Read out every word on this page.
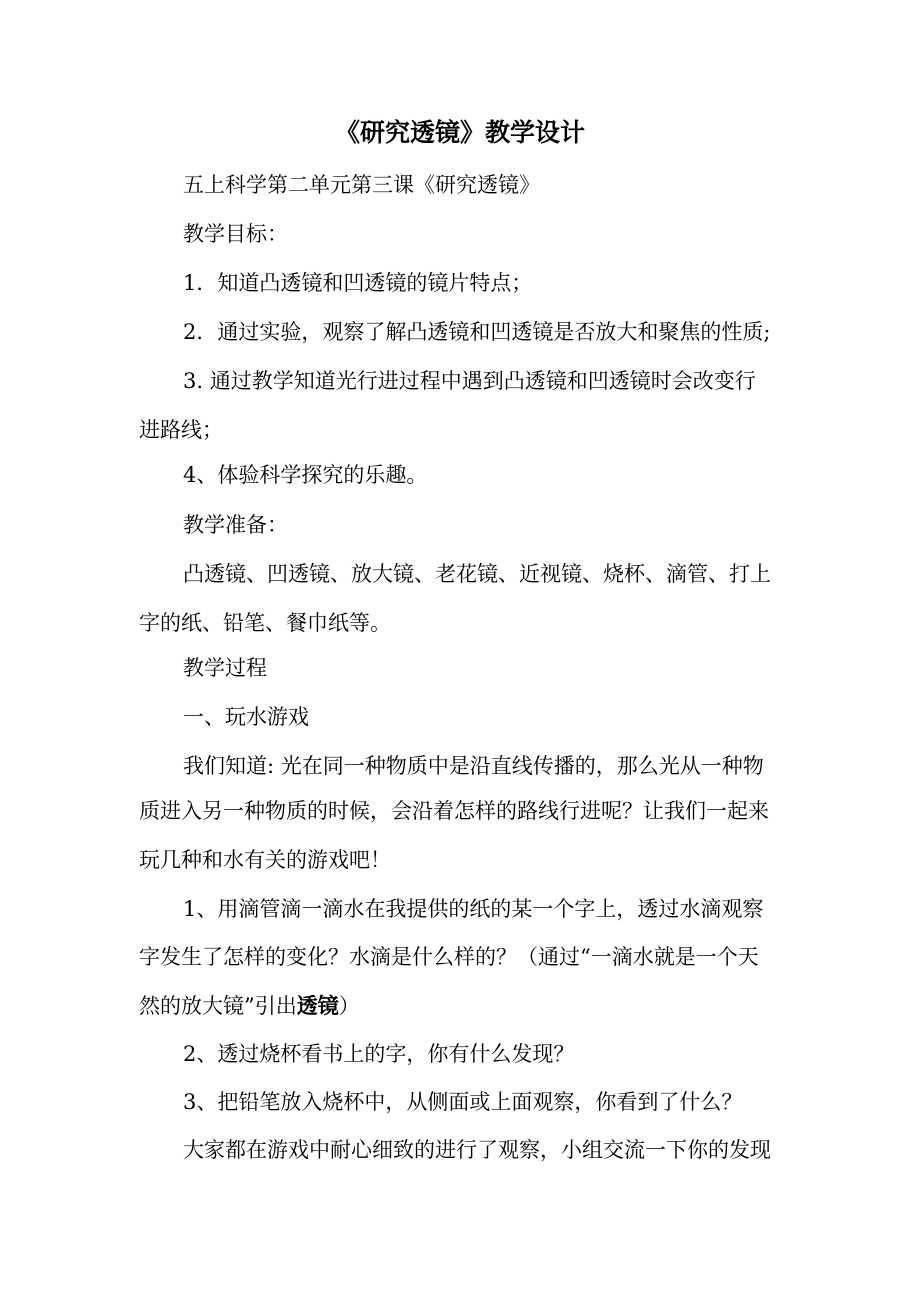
《研究透镜》教学设计
五上科学第二单元第三课《研究透镜》
教学目标：
1．知道凸透镜和凹透镜的镜片特点；
2．通过实验，观察了解凸透镜和凹透镜是否放大和聚焦的性质;
3. 通过教学知道光行进过程中遇到凸透镜和凹透镜时会改变行
进路线；
4、体验科学探究的乐趣。
教学准备：
凸透镜、凹透镜、放大镜、老花镜、近视镜、烧杯、滴管、打上
字的纸、铅笔、餐巾纸等。
教学过程
一、玩水游戏
我们知道: 光在同一种物质中是沿直线传播的，那么光从一种物
质进入另一种物质的时候，会沿着怎样的路线行进呢？让我们一起来
玩几种和水有关的游戏吧！
1、用滴管滴一滴水在我提供的纸的某一个字上，透过水滴观察
字发生了怎样的变化？水滴是什么样的？（通过“一滴水就是一个天
然的放大镜”引出透镜）
2、透过烧杯看书上的字，你有什么发现？
3、把铅笔放入烧杯中，从侧面或上面观察，你看到了什么？
大家都在游戏中耐心细致的进行了观察，小组交流一下你的发现
